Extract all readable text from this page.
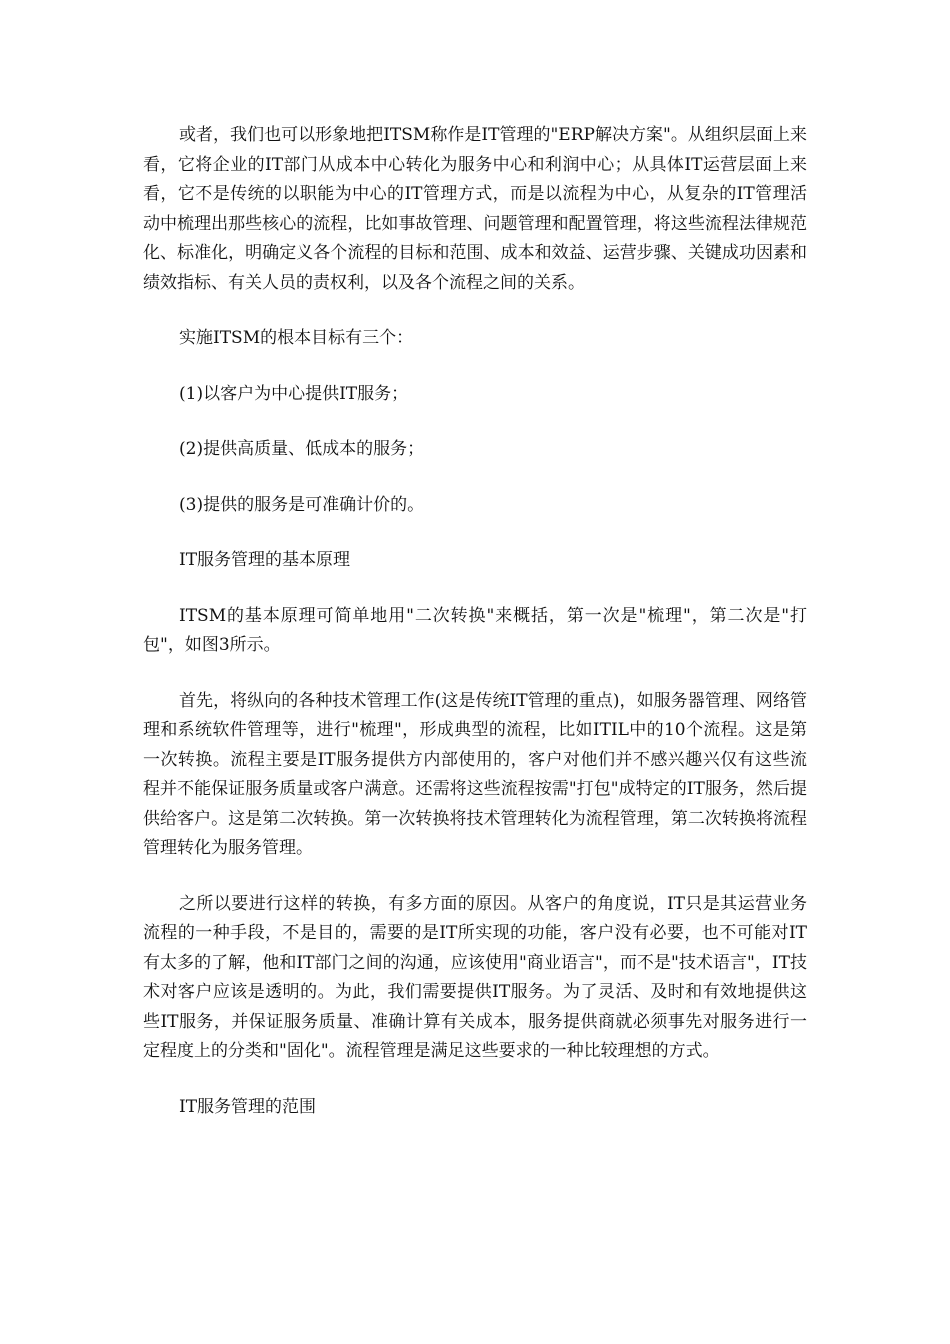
或者，我们也可以形象地把ITSM称作是IT管理的"ERP解决方案"。从组织层面上来看，它将企业的IT部门从成本中心转化为服务中心和利润中心；从具体IT运营层面上来看，它不是传统的以职能为中心的IT管理方式，而是以流程为中心，从复杂的IT管理活动中梳理出那些核心的流程，比如事故管理、问题管理和配置管理，将这些流程法律规范化、标准化，明确定义各个流程的目标和范围、成本和效益、运营步骤、关键成功因素和绩效指标、有关人员的责权利，以及各个流程之间的关系。

实施ITSM的根本目标有三个：

(1)以客户为中心提供IT服务；

(2)提供高质量、低成本的服务；

(3)提供的服务是可准确计价的。

IT服务管理的基本原理

ITSM的基本原理可简单地用"二次转换"来概括，第一次是"梳理"，第二次是"打包"，如图3所示。

首先，将纵向的各种技术管理工作(这是传统IT管理的重点)，如服务器管理、网络管理和系统软件管理等，进行"梳理"，形成典型的流程，比如ITIL中的10个流程。这是第一次转换。流程主要是IT服务提供方内部使用的，客户对他们并不感兴趣兴仅有这些流程并不能保证服务质量或客户满意。还需将这些流程按需"打包"成特定的IT服务，然后提供给客户。这是第二次转换。第一次转换将技术管理转化为流程管理，第二次转换将流程管理转化为服务管理。

之所以要进行这样的转换，有多方面的原因。从客户的角度说，IT只是其运营业务流程的一种手段，不是目的，需要的是IT所实现的功能，客户没有必要，也不可能对IT有太多的了解，他和IT部门之间的沟通，应该使用"商业语言"，而不是"技术语言"，IT技术对客户应该是透明的。为此，我们需要提供IT服务。为了灵活、及时和有效地提供这些IT服务，并保证服务质量、准确计算有关成本，服务提供商就必须事先对服务进行一定程度上的分类和"固化"。流程管理是满足这些要求的一种比较理想的方式。

IT服务管理的范围
